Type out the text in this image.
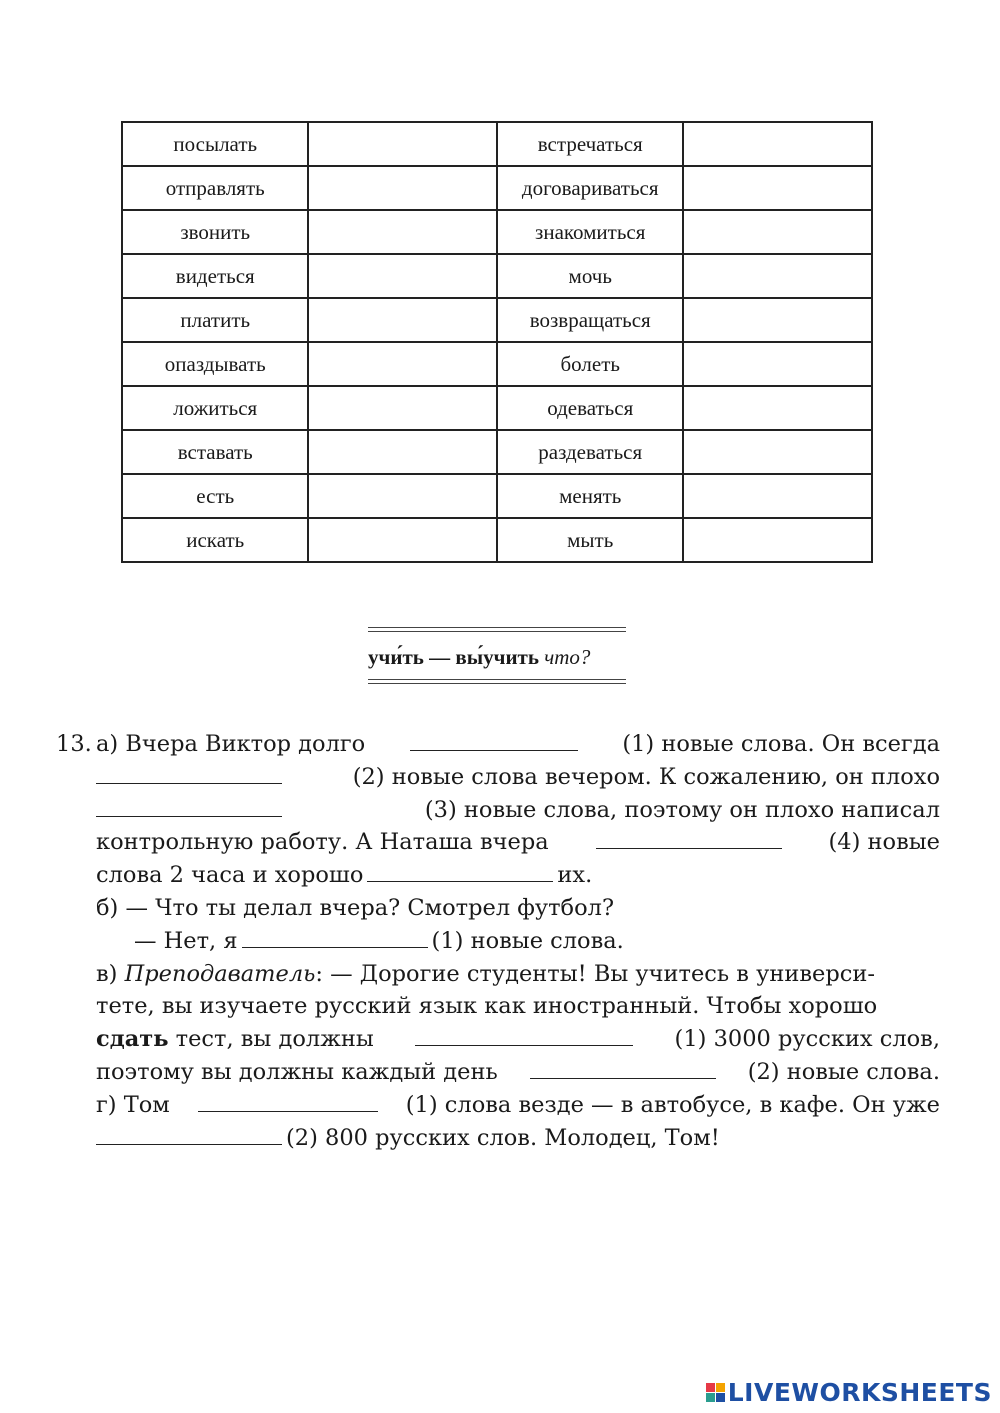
посылать		встречаться	
отправлять		договариваться	
звонить		знакомиться	
видеться		мочь	
платить		возвращаться	
опаздывать		болеть	
ложиться		одеваться	
вставать		раздеваться	
есть		менять	
искать		мыть	
учи́ть — вы́учить что?
13. а) Вчера Виктор долго	(1) новые слова. Он всегда
(2) новые слова вечером. К сожалению, он плохо
(3) новые слова, поэтому он плохо написал
контрольную работу. А Наташа вчера	(4) новые
слова 2 часа и хорошо	их.
б) — Что ты делал вчера? Смотрел футбол?
— Нет, я	(1) новые слова.
в) Преподаватель: — Дорогие студенты! Вы учитесь в универси-
тете, вы изучаете русский язык как иностранный. Чтобы хорошо
сдать тест, вы должны	(1) 3000 русских слов,
поэтому вы должны каждый день	(2) новые слова.
г) Том	(1) слова везде — в автобусе, в кафе. Он уже
(2) 800 русских слов. Молодец, Том!
LIVEWORKSHEETS
